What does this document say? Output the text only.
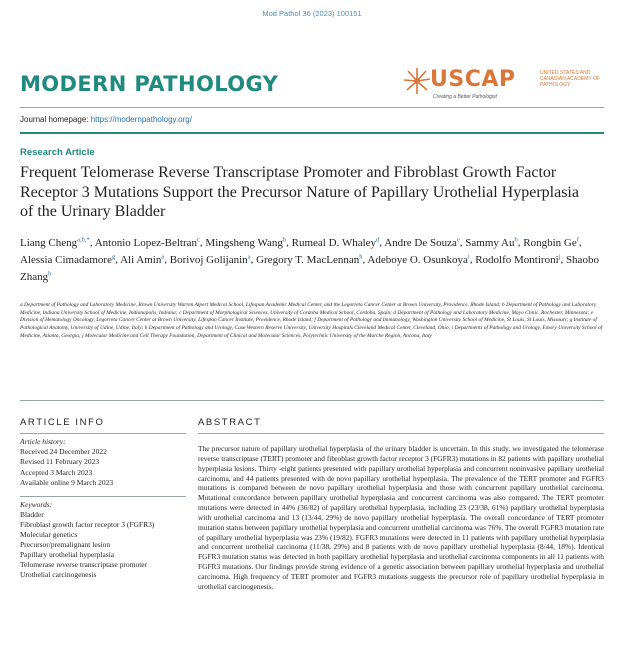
Mod Pathol 36 (2023) 100151
MODERN PATHOLOGY	USCAP	UNITED STATES AND CANADIAN ACADEMY OF PATHOLOGY
Creating a Better Pathologist
Journal homepage: https://modernpathology.org/
Research Article
Frequent Telomerase Reverse Transcriptase Promoter and Fibroblast Growth Factor Receptor 3 Mutations Support the Precursor Nature of Papillary Urothelial Hyperplasia of the Urinary Bladder
Liang Cheng$^{a,b,*}$, Antonio Lopez-Beltran$^c$, Mingsheng Wang$^b$, Rumeal D. Whaley$^d$, Andre De Souza$^e$, Sammy Au$^b$, Rongbin Ge$^f$, Alessia Cimadamore$^g$, Ali Amin$^a$, Borivoj Golijanin$^a$, Gregory T. MacLennan$^h$, Adeboye O. Osunkoya$^i$, Rodolfo Montironi$^j$, Shaobo Zhang$^b$
a Department of Pathology and Laboratory Medicine, Brown University Warren Alpert Medical School, Lifespan Academic Medical Center, and the Legorreta Cancer Center at Brown University, Providence, Rhode Island; b Department of Pathology and Laboratory Medicine, Indiana University School of Medicine, Indianapolis, Indiana; c Department of Morphological Sciences, University of Cordoba Medical School, Cordoba, Spain; d Department of Pathology and Laboratory Medicine, Mayo Clinic, Rochester, Minnesota; e Division of Hematology Oncology, Legorreta Cancer Center at Brown University, Lifespan Cancer Institute, Providence, Rhode Island; f Department of Pathology and Immunology, Washington University School of Medicine, St Louis, St Louis, Missouri; g Institute of Pathological Anatomy, University of Udine, Udine, Italy; h Department of Pathology and Urology, Case Western Reserve University, University Hospitals Cleveland Medical Center, Cleveland, Ohio; i Departments of Pathology and Urology, Emory University School of Medicine, Atlanta, Georgia; j Molecular Medicine and Cell Therapy Foundation, Department of Clinical and Molecular Sciences, Polytechnic University of the Marche Region, Ancona, Italy
ARTICLE INFO	ABSTRACT
Article history:
Received 24 December 2022
Revised 11 February 2023
Accepted 3 March 2023
Available online 9 March 2023
Keywords:
Bladder
Fibroblast growth factor receptor 3 (FGFR3)
Molecular genetics
Precursor/premalignant lesion
Papillary urothelial hyperplasia
Telomerase reverse transcriptase promoter
Urothelial carcinogenesis
The precursor nature of papillary urothelial hyperplasia of the urinary bladder is uncertain. In this study, we investigated the telomerase reverse transcriptase (TERT) promoter and fibroblast growth factor receptor 3 (FGFR3) mutations in 82 patients with papillary urothelial hyperplasia lesions. Thirty -eight patients presented with papillary urothelial hyperplasia and concurrent noninvasive papillary urothelial carcinoma, and 44 patients presented with de novo papillary urothelial hyperplasia. The prevalence of the TERT promoter and FGFR3 mutations is compared between de novo papillary urothelial hyperplasia and those with concurrent papillary urothelial carcinoma. Mutational concordance between papillary urothelial hyperplasia and concurrent carcinoma was also compared. The TERT promoter mutations were detected in 44% (36/82) of papillary urothelial hyperplasia, including 23 (23/38, 61%) papillary urothelial hyperplasia with urothelial carcinoma and 13 (13/44, 29%) de novo papillary urothelial hyperplasia. The overall concordance of TERT promoter mutation status between papillary urothelial hyperplasia and concurrent urothelial carcinoma was 76%. The overall FGFR3 mutation rate of papillary urothelial hyperplasia was 23% (19/82). FGFR3 mutations were detected in 11 patients with papillary urothelial hyperplasia and concurrent urothelial carcinoma (11/38, 29%) and 8 patients with de novo papillary urothelial hyperplasia (8/44, 18%). Identical FGFR3 mutation status was detected in both papillary urothelial hyperplasia and urothelial carcinoma components in all 11 patients with FGFR3 mutations. Our findings provide strong evidence of a genetic association between papillary urothelial hyperplasia and urothelial carcinoma. High frequency of TERT promoter and FGFR3 mutations suggests the precursor role of papillary urothelial hyperplasia in urothelial carcinogenesis.
